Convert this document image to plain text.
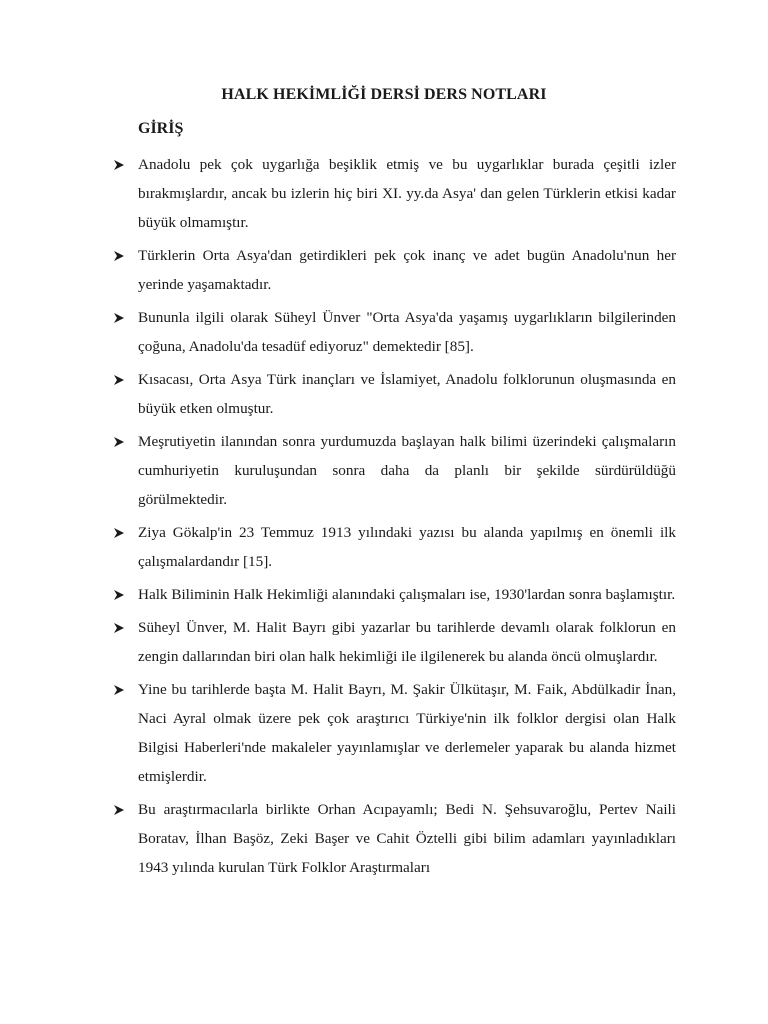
HALK HEKİMLİĞİ DERSİ DERS NOTLARI
GİRİŞ
Anadolu pek çok uygarlığa beşiklik etmiş ve bu uygarlıklar burada çeşitli izler bırakmışlardır, ancak bu izlerin hiç biri XI. yy.da Asya' dan gelen Türklerin etkisi kadar büyük olmamıştır.
Türklerin Orta Asya'dan getirdikleri pek çok inanç ve adet bugün Anadolu'nun her yerinde yaşamaktadır.
Bununla ilgili olarak Süheyl Ünver "Orta Asya'da yaşamış uygarlıkların bilgilerinden çoğuna, Anadolu'da tesadüf ediyoruz" demektedir [85].
Kısacası, Orta Asya Türk inançları ve İslamiyet, Anadolu folklorunun oluşmasında en büyük etken olmuştur.
Meşrutiyetin ilanından sonra yurdumuzda başlayan halk bilimi üzerindeki çalışmaların cumhuriyetin kuruluşundan sonra daha da planlı bir şekilde sürdürüldüğü görülmektedir.
Ziya Gökalp'in 23 Temmuz 1913 yılındaki yazısı bu alanda yapılmış en önemli ilk çalışmalardandır [15].
Halk Biliminin Halk Hekimliği alanındaki çalışmaları ise, 1930'lardan sonra başlamıştır.
Süheyl Ünver, M. Halit Bayrı gibi yazarlar bu tarihlerde devamlı olarak folklorun en zengin dallarından biri olan halk hekimliği ile ilgilenerek bu alanda öncü olmuşlardır.
Yine bu tarihlerde başta M. Halit Bayrı, M. Şakir Ülkütaşır, M. Faik, Abdülkadir İnan, Naci Ayral olmak üzere pek çok araştırıcı Türkiye'nin ilk folklor dergisi olan Halk Bilgisi Haberleri'nde makaleler yayınlamışlar ve derlemeler yaparak bu alanda hizmet etmişlerdir.
Bu araştırmacılarla birlikte Orhan Acıpayamlı; Bedi N. Şehsuvaroğlu, Pertev Naili Boratav, İlhan Başöz, Zeki Başer ve Cahit Öztelli gibi bilim adamları yayınladıkları 1943 yılında kurulan Türk Folklor Araştırmaları
